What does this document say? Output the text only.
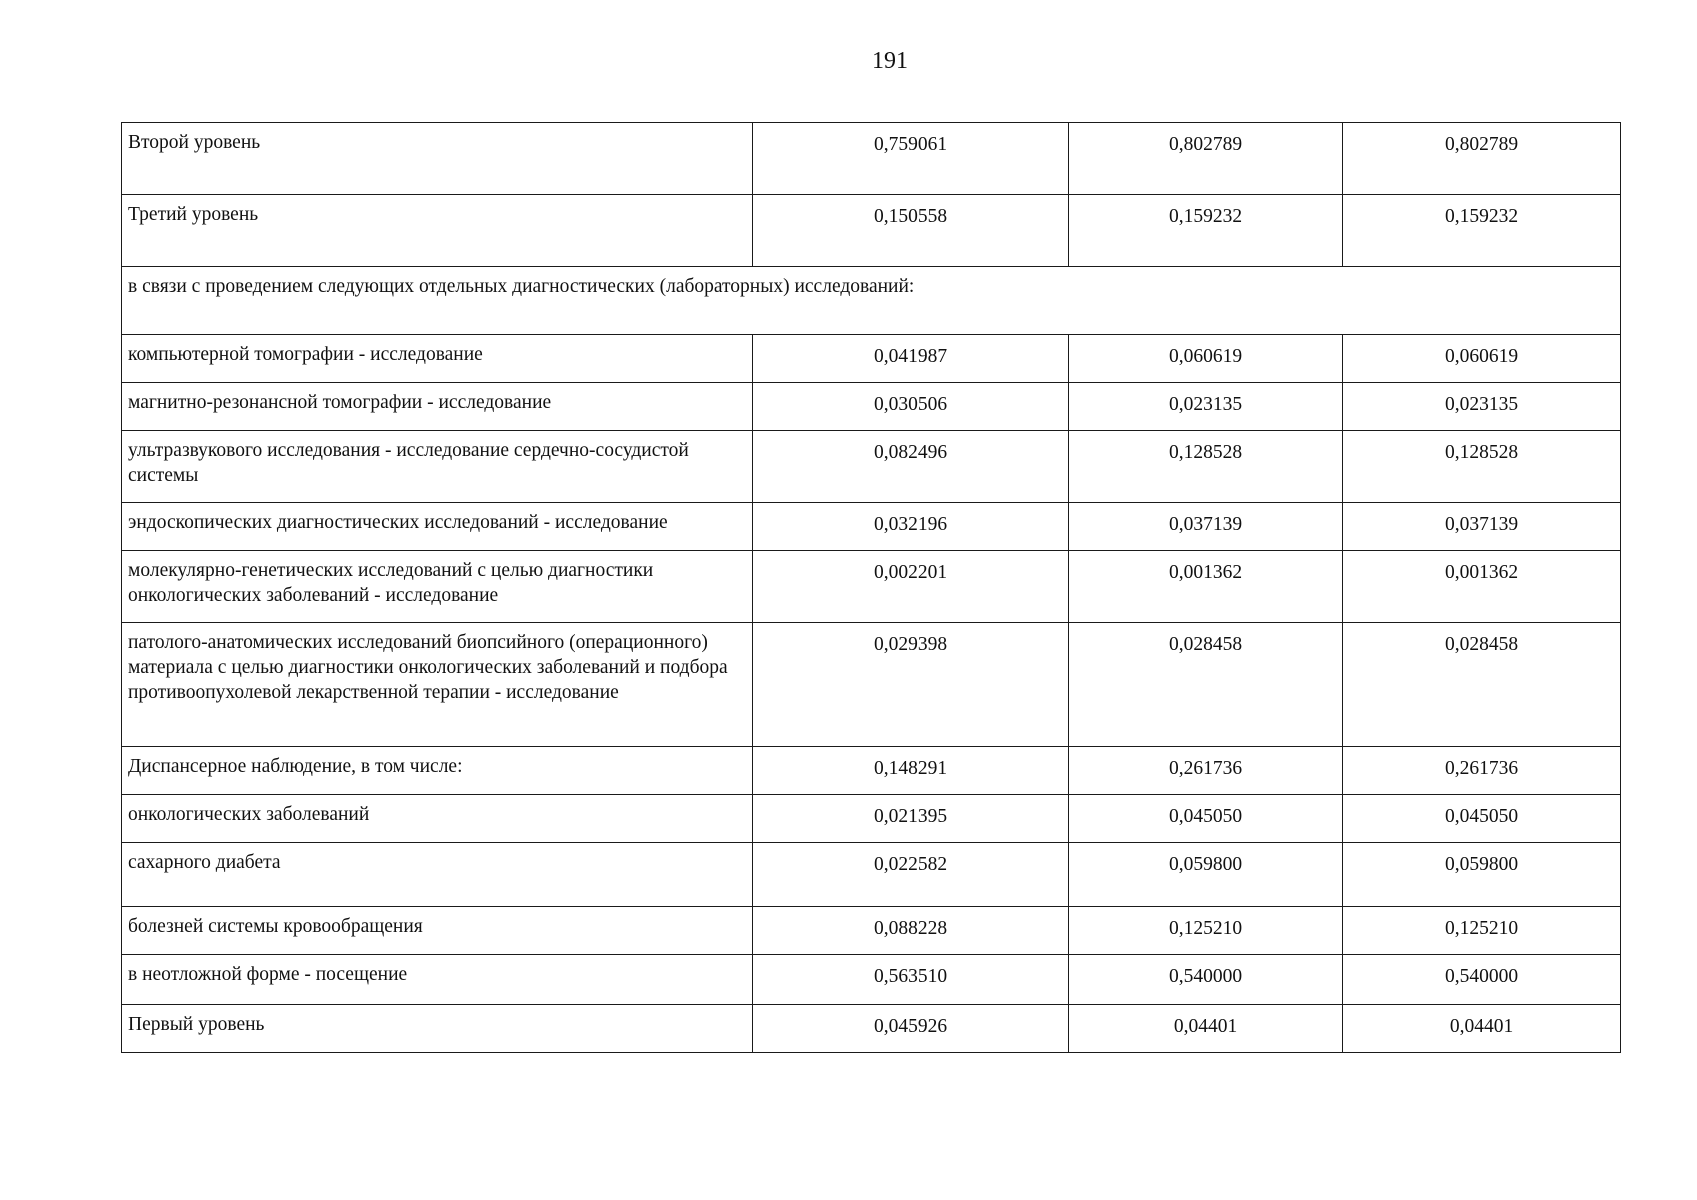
191
Второй уровень	0,759061	0,802789	0,802789
Третий уровень	0,150558	0,159232	0,159232
в связи с проведением следующих отдельных диагностических (лабораторных) исследований:			
компьютерной томографии - исследование	0,041987	0,060619	0,060619
магнитно-резонансной томографии - исследование	0,030506	0,023135	0,023135
ультразвукового исследования - исследование сердечно-сосудистой системы	0,082496	0,128528	0,128528
эндоскопических диагностических исследований - исследование	0,032196	0,037139	0,037139
молекулярно-генетических исследований с целью диагностики онкологических заболеваний - исследование	0,002201	0,001362	0,001362
патолого-анатомических исследований биопсийного (операционного) материала с целью диагностики онкологических заболеваний и подбора противоопухолевой лекарственной терапии - исследование	0,029398	0,028458	0,028458
Диспансерное наблюдение, в том числе:	0,148291	0,261736	0,261736
онкологических заболеваний	0,021395	0,045050	0,045050
сахарного диабета	0,022582	0,059800	0,059800
болезней системы кровообращения	0,088228	0,125210	0,125210
в неотложной форме - посещение	0,563510	0,540000	0,540000
Первый уровень	0,045926	0,04401	0,04401
